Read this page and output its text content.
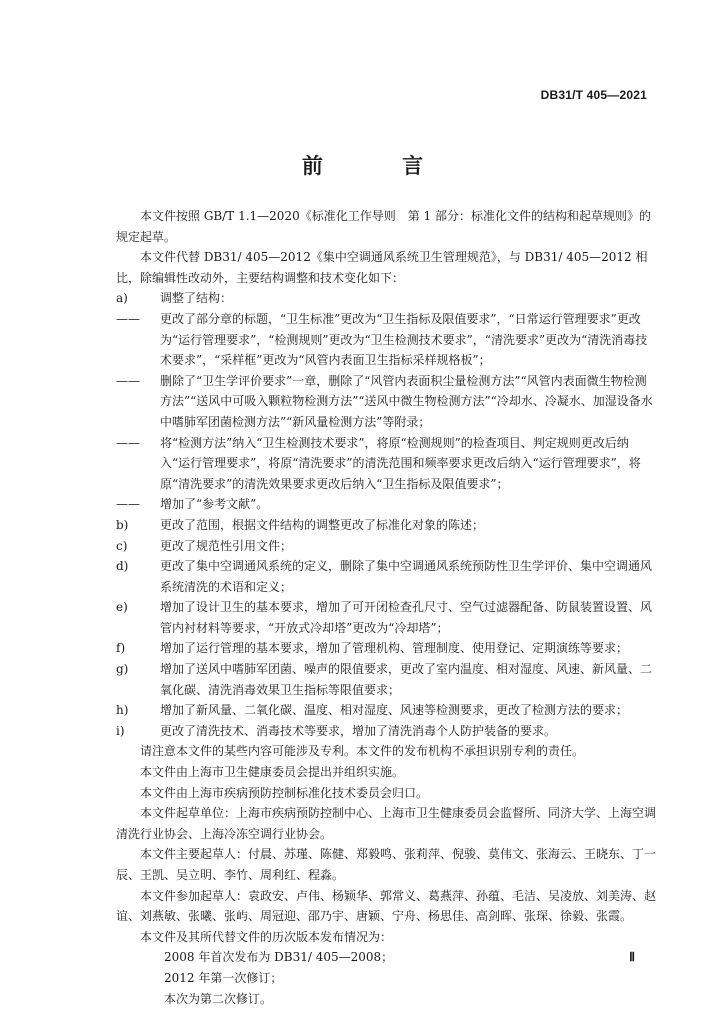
DB31/T 405—2021
前 言

本文件按照 GB/T 1.1—2020《标准化工作导则　第 1 部分：标准化文件的结构和起草规则》的规定起草。

本文件代替 DB31/ 405—2012《集中空调通风系统卫生管理规范》，与 DB31/ 405—2012 相比，除编辑性改动外，主要结构调整和技术变化如下：

a)	调整了结构：
——	更改了部分章的标题，“卫生标准”更改为“卫生指标及限值要求”，“日常运行管理要求”更改为“运行管理要求”，“检测规则”更改为“卫生检测技术要求”，“清洗要求”更改为“清洗消毒技术要求”，“采样框”更改为“风管内表面卫生指标采样规格板”；
——	删除了“卫生学评价要求”一章，删除了“风管内表面积尘量检测方法”“风管内表面微生物检测方法”“送风中可吸入颗粒物检测方法”“送风中微生物检测方法”“冷却水、冷凝水、加湿设备水中嗜肺军团菌检测方法”“新风量检测方法”等附录；
——	将“检测方法”纳入“卫生检测技术要求”，将原“检测规则”的检查项目、判定规则更改后纳入“运行管理要求”，将原“清洗要求”的清洗范围和频率要求更改后纳入“运行管理要求”，将原“清洗要求”的清洗效果要求更改后纳入“卫生指标及限值要求”；
——	增加了“参考文献”。
b)	更改了范围，根据文件结构的调整更改了标准化对象的陈述；
c)	更改了规范性引用文件；
d)	更改了集中空调通风系统的定义，删除了集中空调通风系统预防性卫生学评价、集中空调通风系统清洗的术语和定义；
e)	增加了设计卫生的基本要求，增加了可开闭检查孔尺寸、空气过滤器配备、防鼠装置设置、风管内衬材料等要求，“开放式冷却塔”更改为“冷却塔”；
f)	增加了运行管理的基本要求，增加了管理机构、管理制度、使用登记、定期演练等要求；
g)	增加了送风中嗜肺军团菌、噪声的限值要求，更改了室内温度、相对湿度、风速、新风量、二氧化碳、清洗消毒效果卫生指标等限值要求；
h)	增加了新风量、二氧化碳、温度、相对湿度、风速等检测要求，更改了检测方法的要求；
i)	更改了清洗技术、消毒技术等要求，增加了清洗消毒个人防护装备的要求。

请注意本文件的某些内容可能涉及专利。本文件的发布机构不承担识别专利的责任。

本文件由上海市卫生健康委员会提出并组织实施。

本文件由上海市疾病预防控制标准化技术委员会归口。

本文件起草单位：上海市疾病预防控制中心、上海市卫生健康委员会监督所、同济大学、上海空调清洗行业协会、上海冷冻空调行业协会。

本文件主要起草人：付晨、苏瑾、陈健、郑毅鸣、张莉萍、倪骏、莫伟文、张海云、王晓东、丁一辰、王凯、吴立明、李竹、周利红、程淼。

本文件参加起草人：袁政安、卢伟、杨颖华、郭常义、葛燕萍、孙蕴、毛洁、吴凌放、刘美涛、赵谊、刘燕敏、张曦、张屿、周冠迎、邵乃宇、唐颖、宁舟、杨思佳、高剑晖、张琛、徐毅、张霞。

本文件及其所代替文件的历次版本发布情况为：

2008 年首次发布为 DB31/ 405—2008；

2012 年第一次修订；

本次为第二次修订。

Ⅱ
